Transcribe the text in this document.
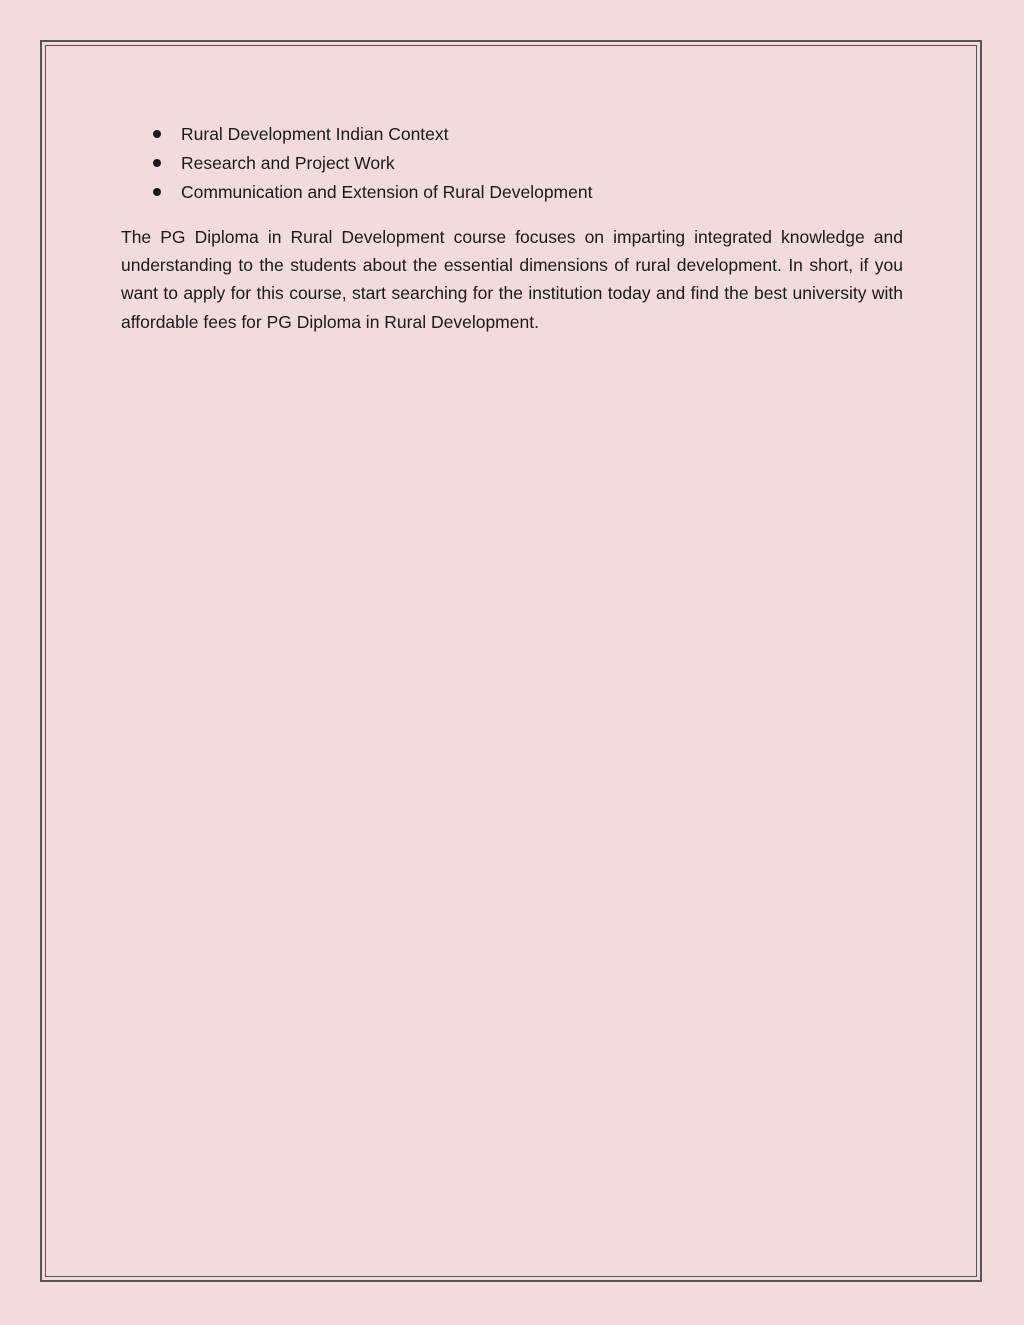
Rural Development Indian Context
Research and Project Work
Communication and Extension of Rural Development

The PG Diploma in Rural Development course focuses on imparting integrated knowledge and understanding to the students about the essential dimensions of rural development. In short, if you want to apply for this course, start searching for the institution today and find the best university with affordable fees for PG Diploma in Rural Development.
